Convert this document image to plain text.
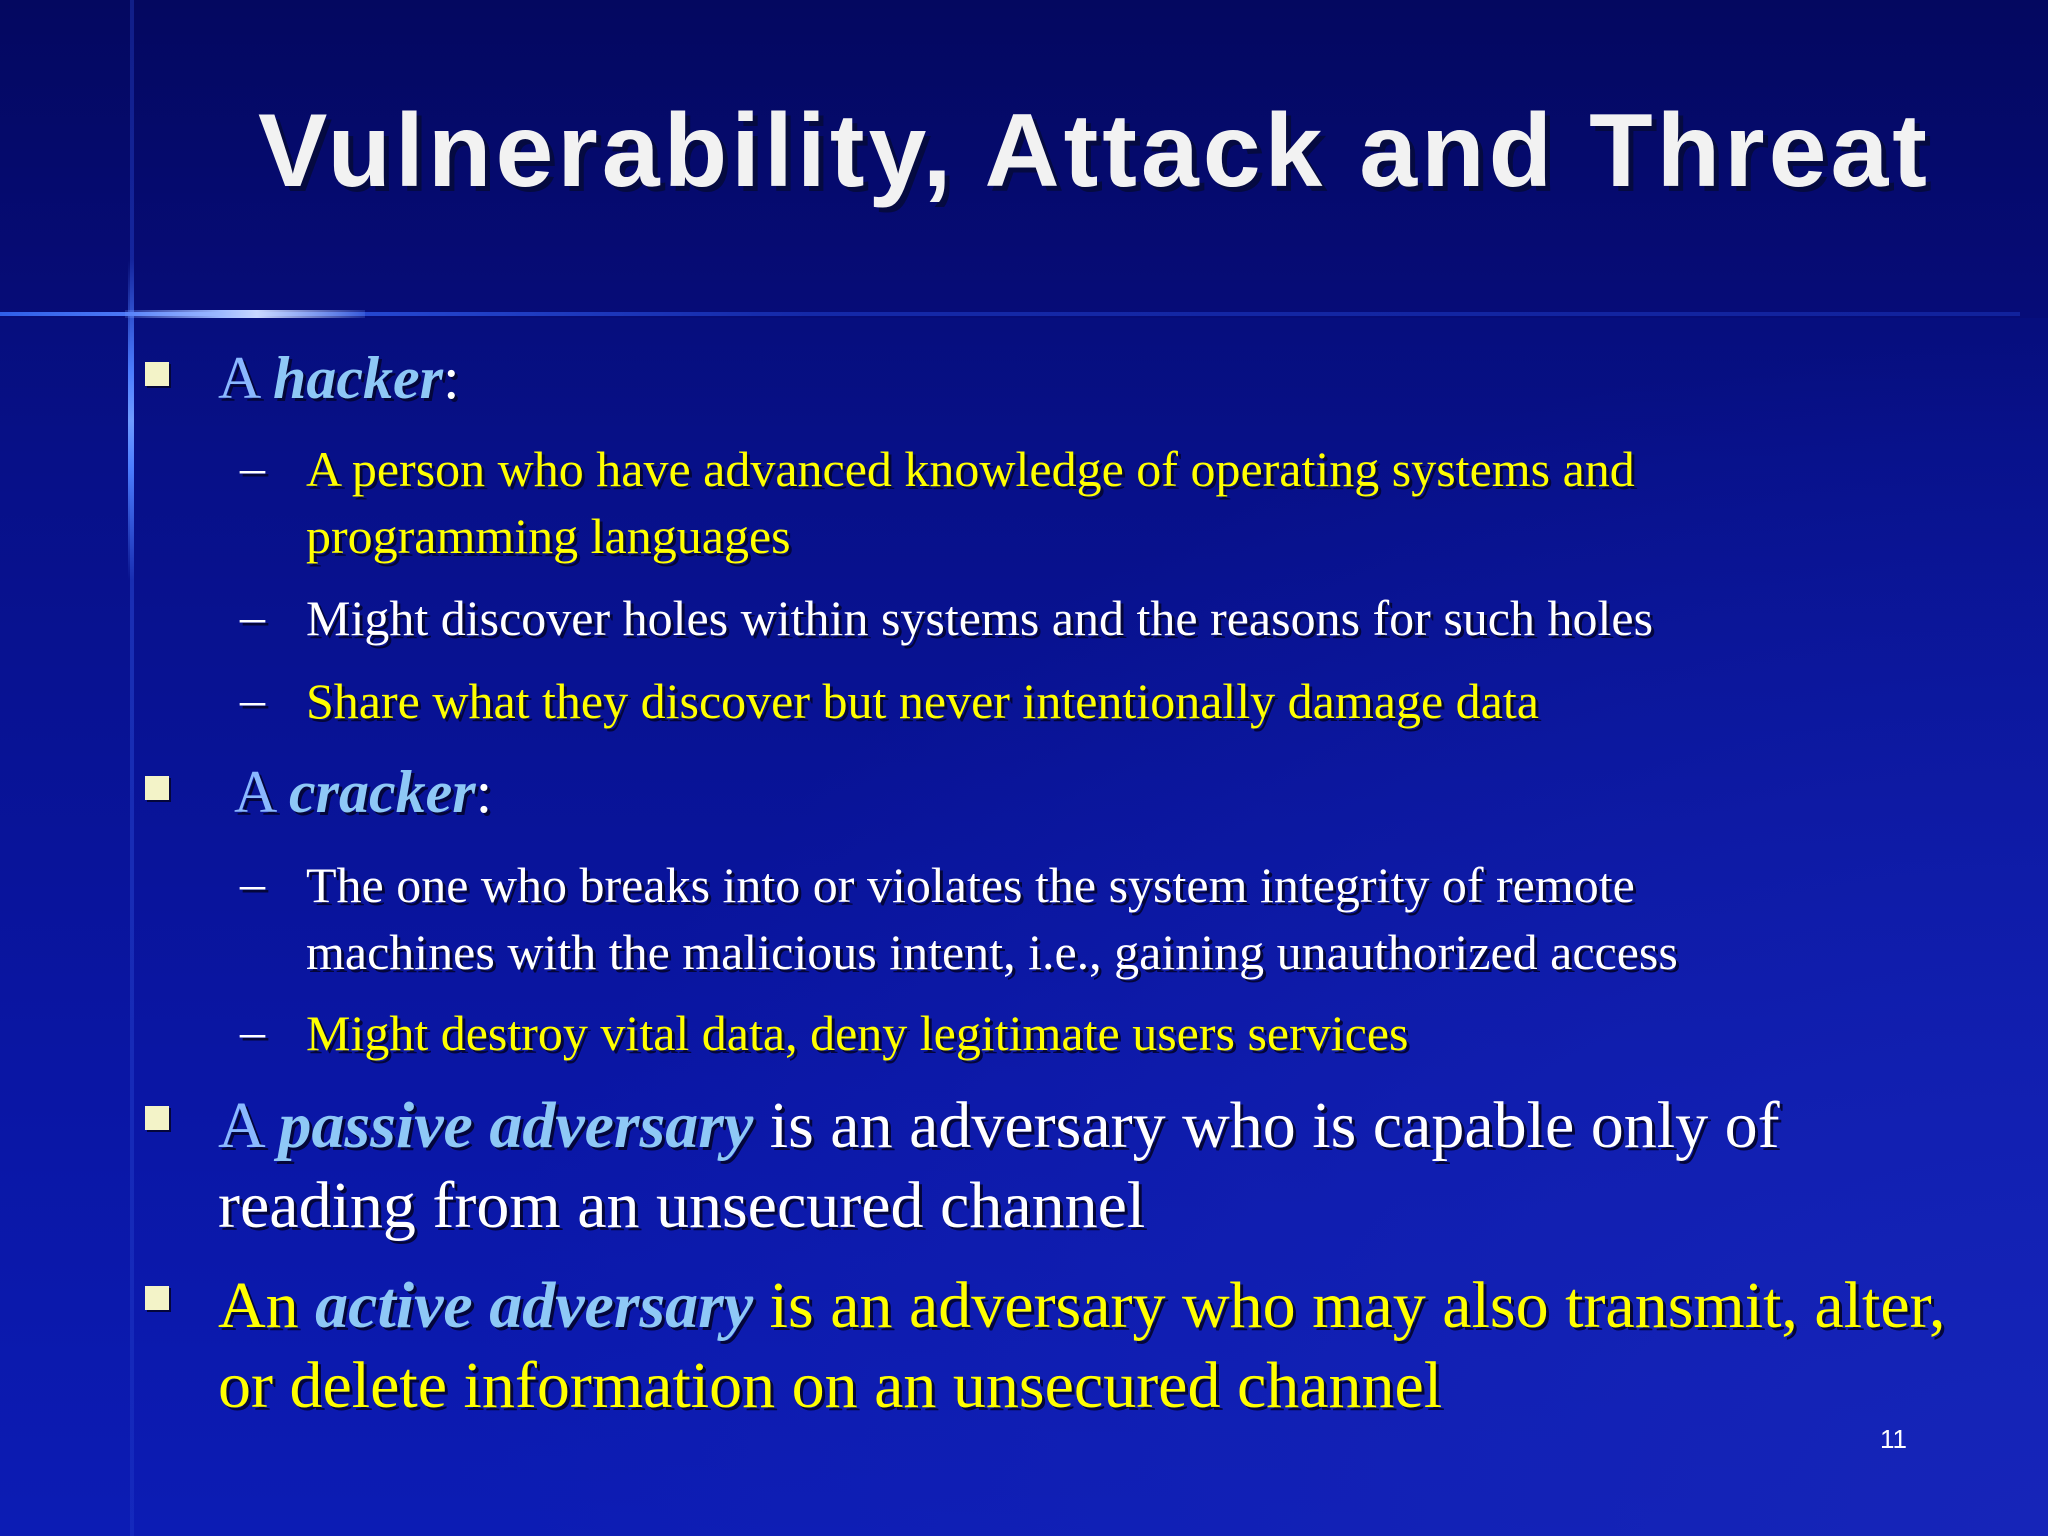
Vulnerability, Attack and Threat
A hacker:
– A person who have advanced knowledge of operating systems and
programming languages
– Might discover holes within systems and the reasons for such holes
– Share what they discover but never intentionally damage data
A cracker:
– The one who breaks into or violates the system integrity of remote
machines with the malicious intent, i.e., gaining unauthorized access
– Might destroy vital data, deny legitimate users services
A passive adversary is an adversary who is capable only of
reading from an unsecured channel
An active adversary is an adversary who may also transmit, alter,
or delete information on an unsecured channel
11
